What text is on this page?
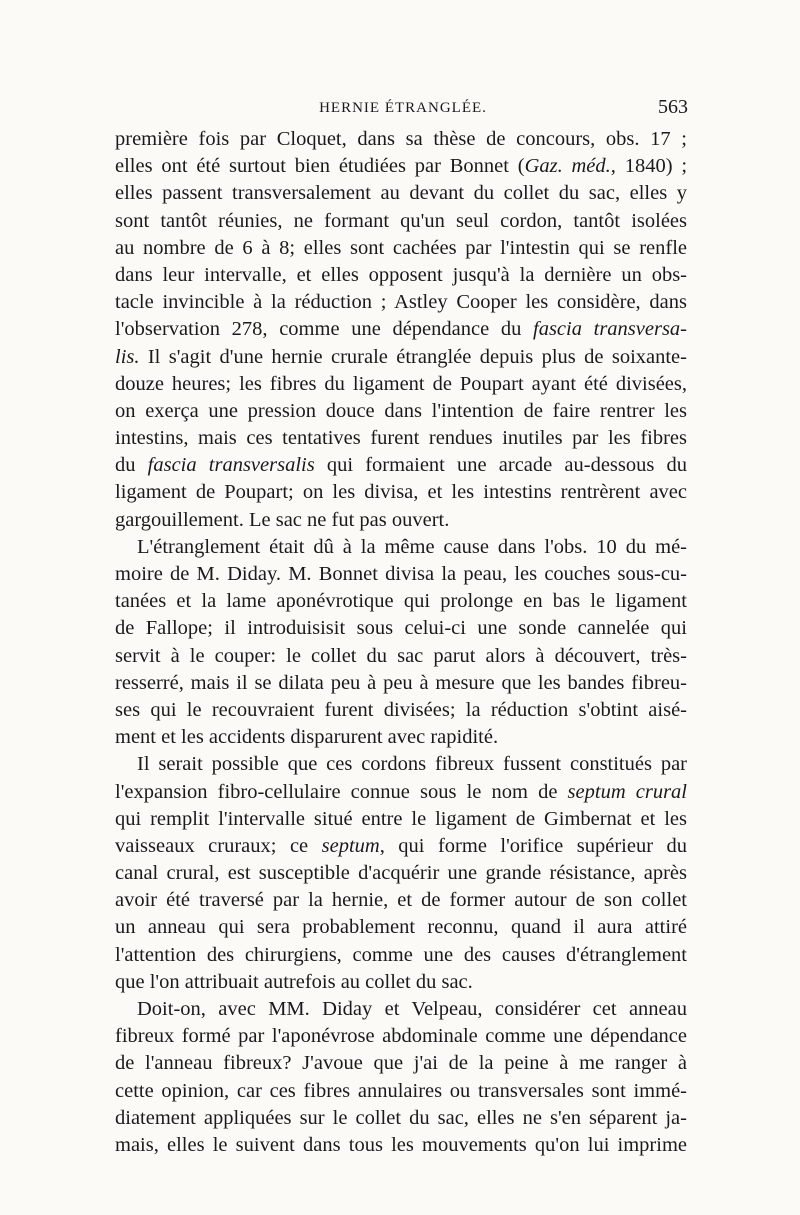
HERNIE ÉTRANGLÉE.	563
première fois par Cloquet, dans sa thèse de concours, obs. 17 ;
elles ont été surtout bien étudiées par Bonnet (Gaz. méd., 1840) ;
elles passent transversalement au devant du collet du sac, elles y
sont tantôt réunies, ne formant qu'un seul cordon, tantôt isolées
au nombre de 6 à 8; elles sont cachées par l'intestin qui se renfle
dans leur intervalle, et elles opposent jusqu'à la dernière un obs-
tacle invincible à la réduction ; Astley Cooper les considère, dans
l'observation 278, comme une dépendance du fascia transversa-
lis. Il s'agit d'une hernie crurale étranglée depuis plus de soixante-
douze heures; les fibres du ligament de Poupart ayant été divisées,
on exerça une pression douce dans l'intention de faire rentrer les
intestins, mais ces tentatives furent rendues inutiles par les fibres
du fascia transversalis qui formaient une arcade au-dessous du
ligament de Poupart; on les divisa, et les intestins rentrèrent avec
gargouillement. Le sac ne fut pas ouvert.
L'étranglement était dû à la même cause dans l'obs. 10 du mé-
moire de M. Diday. M. Bonnet divisa la peau, les couches sous-cu-
tanées et la lame aponévrotique qui prolonge en bas le ligament
de Fallope; il introduisisit sous celui-ci une sonde cannelée qui
servit à le couper: le collet du sac parut alors à découvert, très-
resserré, mais il se dilata peu à peu à mesure que les bandes fibreu-
ses qui le recouvraient furent divisées; la réduction s'obtint aisé-
ment et les accidents disparurent avec rapidité.
Il serait possible que ces cordons fibreux fussent constitués par
l'expansion fibro-cellulaire connue sous le nom de septum crural
qui remplit l'intervalle situé entre le ligament de Gimbernat et les
vaisseaux cruraux; ce septum, qui forme l'orifice supérieur du
canal crural, est susceptible d'acquérir une grande résistance, après
avoir été traversé par la hernie, et de former autour de son collet
un anneau qui sera probablement reconnu, quand il aura attiré
l'attention des chirurgiens, comme une des causes d'étranglement
que l'on attribuait autrefois au collet du sac.
Doit-on, avec MM. Diday et Velpeau, considérer cet anneau
fibreux formé par l'aponévrose abdominale comme une dépendance
de l'anneau fibreux? J'avoue que j'ai de la peine à me ranger à
cette opinion, car ces fibres annulaires ou transversales sont immé-
diatement appliquées sur le collet du sac, elles ne s'en séparent ja-
mais, elles le suivent dans tous les mouvements qu'on lui imprime
